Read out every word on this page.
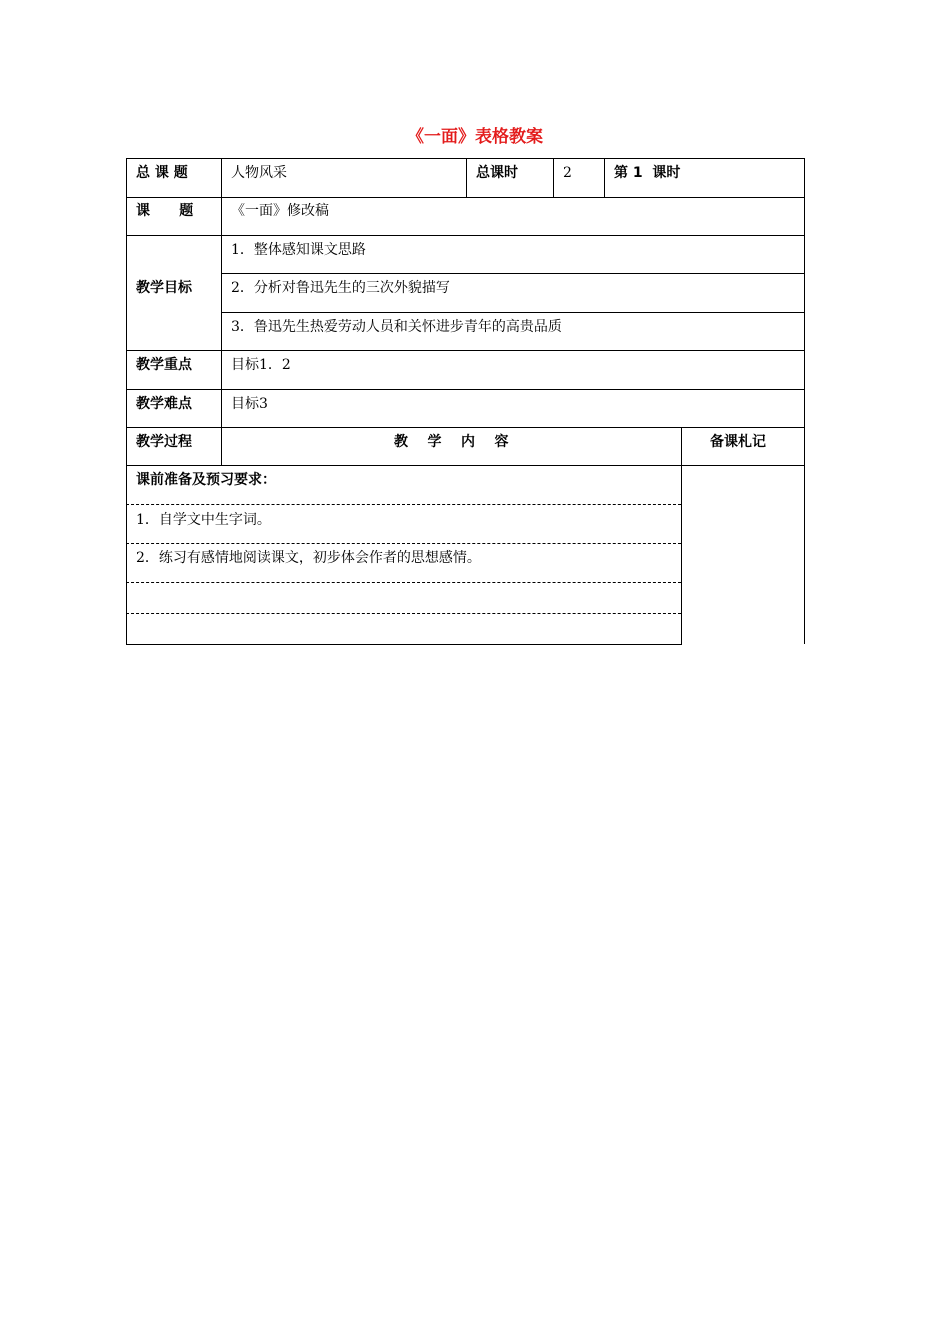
《一面》表格教案
总 课 题	人物风采	总课时	2	第 1  课时
课      题	《一面》修改稿
教学目标
1．整体感知课文思路
2．分析对鲁迅先生的三次外貌描写
3．鲁迅先生热爱劳动人员和关怀进步青年的高贵品质
教学重点	目标1．2
教学难点	目标3
教学过程	教    学    内    容	备课札记
课前准备及预习要求：
1．自学文中生字词。
2．练习有感情地阅读课文，初步体会作者的思想感情。
